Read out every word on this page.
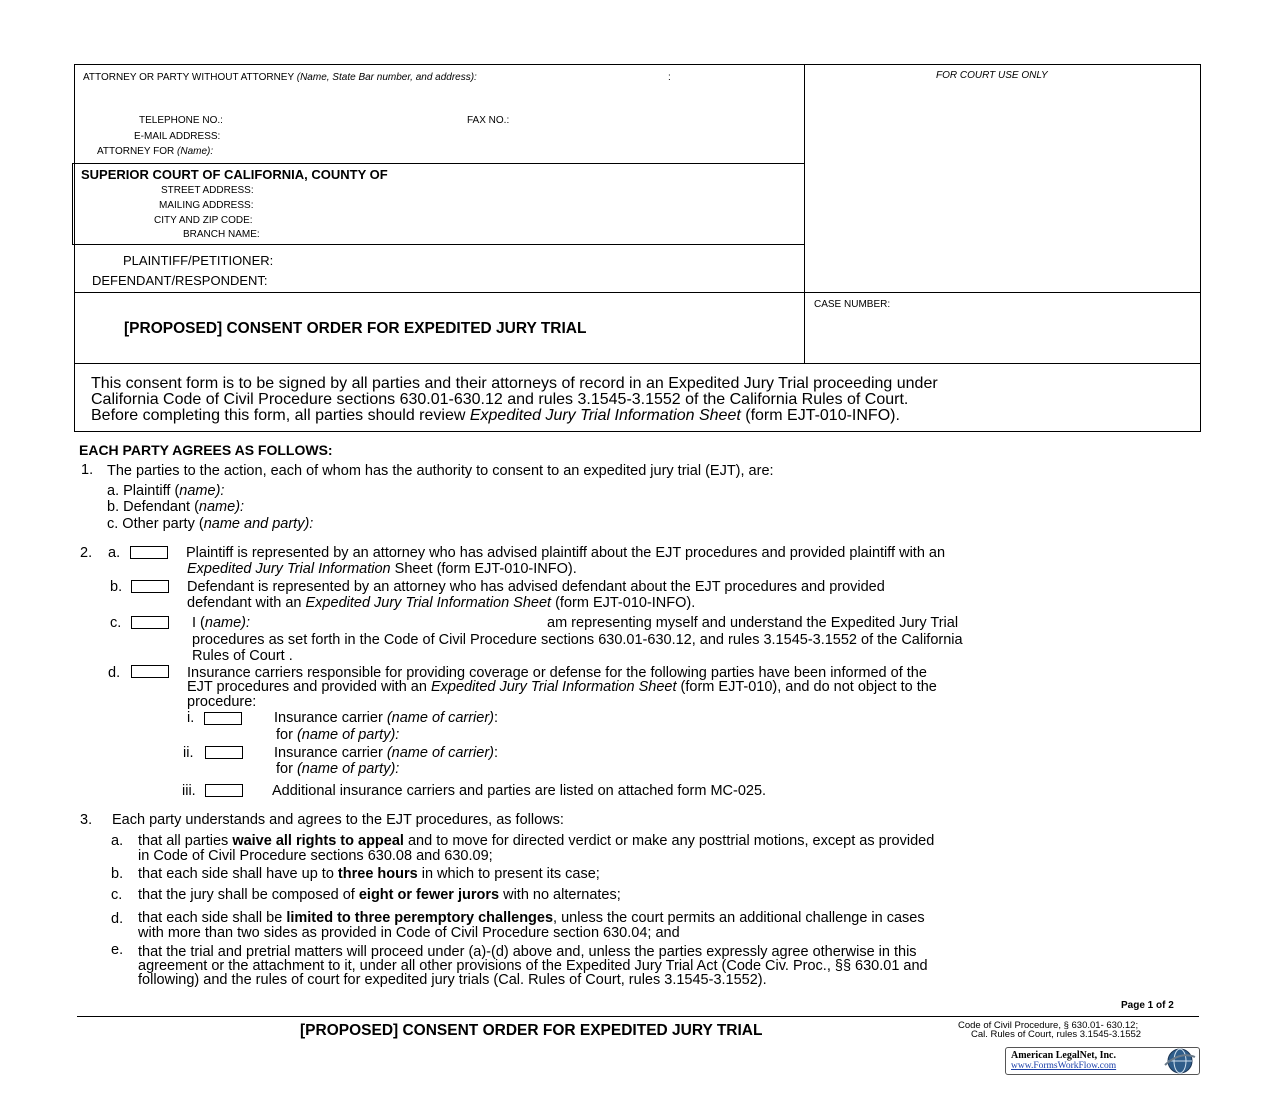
ATTORNEY OR PARTY WITHOUT ATTORNEY (Name, State Bar number, and address):	:	FOR COURT USE ONLY
TELEPHONE NO.:	FAX NO.:
E-MAIL ADDRESS:
ATTORNEY FOR (Name):
SUPERIOR COURT OF CALIFORNIA, COUNTY OF
STREET ADDRESS:
MAILING ADDRESS:
CITY AND ZIP CODE:
BRANCH NAME:
PLAINTIFF/PETITIONER:
DEFENDANT/RESPONDENT:
[PROPOSED] CONSENT ORDER FOR EXPEDITED JURY TRIAL
CASE NUMBER:
This consent form is to be signed by all parties and their attorneys of record in an Expedited Jury Trial proceeding under
California Code of Civil Procedure sections 630.01-630.12 and rules 3.1545-3.1552 of the California Rules of Court.
Before completing this form, all parties should review Expedited Jury Trial Information Sheet (form EJT-010-INFO).
EACH PARTY AGREES AS FOLLOWS:
1. The parties to the action, each of whom has the authority to consent to an expedited jury trial (EJT), are:
a. Plaintiff (name):
b. Defendant (name):
c. Other party (name and party):
2. a.	Plaintiff is represented by an attorney who has advised plaintiff about the EJT procedures and provided plaintiff with an
Expedited Jury Trial Information Sheet (form EJT-010-INFO).
b.	Defendant is represented by an attorney who has advised defendant about the EJT procedures and provided
defendant with an Expedited Jury Trial Information Sheet (form EJT-010-INFO).
c.	I (name):	am representing myself and understand the Expedited Jury Trial
procedures as set forth in the Code of Civil Procedure sections 630.01-630.12, and rules 3.1545-3.1552 of the California
Rules of Court .
d.	Insurance carriers responsible for providing coverage or defense for the following parties have been informed of the
EJT procedures and provided with an Expedited Jury Trial Information Sheet (form EJT-010), and do not object to the
procedure:
i.	Insurance carrier (name of carrier):
for (name of party):
ii.	Insurance carrier (name of carrier):
for (name of party):
iii.	Additional insurance carriers and parties are listed on attached form MC-025.
3. Each party understands and agrees to the EJT procedures, as follows:
a. that all parties waive all rights to appeal and to move for directed verdict or make any posttrial motions, except as provided
in Code of Civil Procedure sections 630.08 and 630.09;
b. that each side shall have up to three hours in which to present its case;
c. that the jury shall be composed of eight or fewer jurors with no alternates;
d. that each side shall be limited to three peremptory challenges, unless the court permits an additional challenge in cases
with more than two sides as provided in Code of Civil Procedure section 630.04; and
e. that the trial and pretrial matters will proceed under (a)-(d) above and, unless the parties expressly agree otherwise in this
agreement or the attachment to it, under all other provisions of the Expedited Jury Trial Act (Code Civ. Proc., §§ 630.01 and
following) and the rules of court for expedited jury trials (Cal. Rules of Court, rules 3.1545-3.1552).
Page 1 of 2
[PROPOSED] CONSENT ORDER FOR EXPEDITED JURY TRIAL	Code of Civil Procedure, § 630.01- 630.12;
Cal. Rules of Court, rules 3.1545-3.1552
American LegalNet, Inc.
www.FormsWorkFlow.com
